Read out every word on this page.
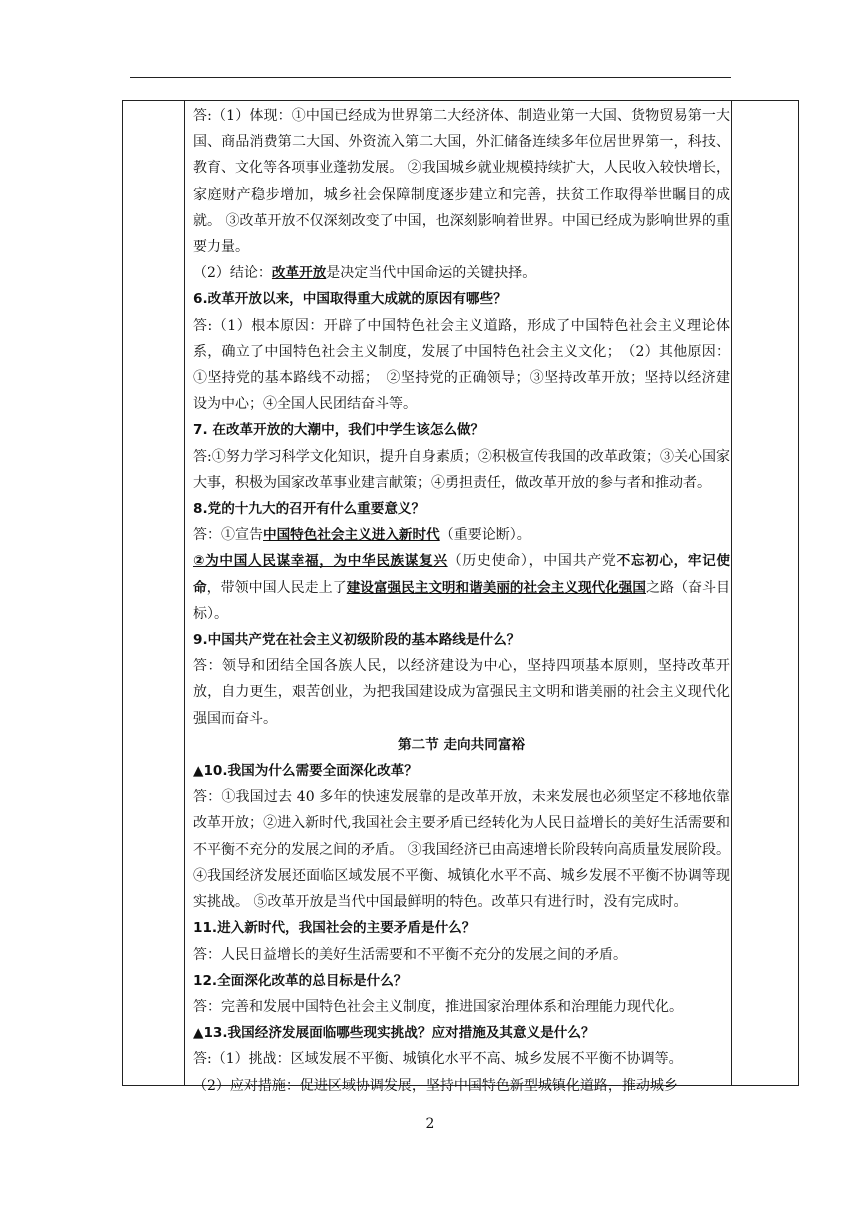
答:（1）体现：①中国已经成为世界第二大经济体、制造业第一大国、货物贸易第一大国、商品消费第二大国、外资流入第二大国，外汇储备连续多年位居世界第一，科技、教育、文化等各项事业蓬勃发展。 ②我国城乡就业规模持续扩大，人民收入较快增长，家庭财产稳步增加，城乡社会保障制度逐步建立和完善，扶贫工作取得举世瞩目的成就。 ③改革开放不仅深刻改变了中国，也深刻影响着世界。中国已经成为影响世界的重要力量。

（2）结论：改革开放是决定当代中国命运的关键抉择。

6.改革开放以来，中国取得重大成就的原因有哪些？

答:（1）根本原因：开辟了中国特色社会主义道路，形成了中国特色社会主义理论体系，确立了中国特色社会主义制度，发展了中国特色社会主义文化；　（2）其他原因：①坚持党的基本路线不动摇；　②坚持党的正确领导；③坚持改革开放；坚持以经济建设为中心；④全国人民团结奋斗等。

7. 在改革开放的大潮中，我们中学生该怎么做？

答:①努力学习科学文化知识，提升自身素质；②积极宣传我国的改革政策；③关心国家大事，积极为国家改革事业建言献策；④勇担责任，做改革开放的参与者和推动者。

8.党的十九大的召开有什么重要意义？

答：①宣告中国特色社会主义进入新时代（重要论断）。

②为中国人民谋幸福，为中华民族谋复兴（历史使命），中国共产党不忘初心，牢记使命，带领中国人民走上了建设富强民主文明和谐美丽的社会主义现代化强国之路（奋斗目标）。

9.中国共产党在社会主义初级阶段的基本路线是什么？

答：领导和团结全国各族人民，以经济建设为中心，坚持四项基本原则，坚持改革开放，自力更生，艰苦创业，为把我国建设成为富强民主文明和谐美丽的社会主义现代化强国而奋斗。

第二节 走向共同富裕

▲10.我国为什么需要全面深化改革？

答：①我国过去 40 多年的快速发展靠的是改革开放，未来发展也必须坚定不移地依靠改革开放；②进入新时代,我国社会主要矛盾已经转化为人民日益增长的美好生活需要和不平衡不充分的发展之间的矛盾。 ③我国经济已由高速增长阶段转向高质量发展阶段。 ④我国经济发展还面临区域发展不平衡、城镇化水平不高、城乡发展不平衡不协调等现实挑战。 ⑤改革开放是当代中国最鲜明的特色。改革只有进行时，没有完成时。

11.进入新时代，我国社会的主要矛盾是什么？

答：人民日益增长的美好生活需要和不平衡不充分的发展之间的矛盾。

12.全面深化改革的总目标是什么？

答：完善和发展中国特色社会主义制度，推进国家治理体系和治理能力现代化。

▲13.我国经济发展面临哪些现实挑战？应对措施及其意义是什么？

答:（1）挑战：区域发展不平衡、城镇化水平不高、城乡发展不平衡不协调等。

（2）应对措施：促进区域协调发展，坚持中国特色新型城镇化道路，推动城乡

2
